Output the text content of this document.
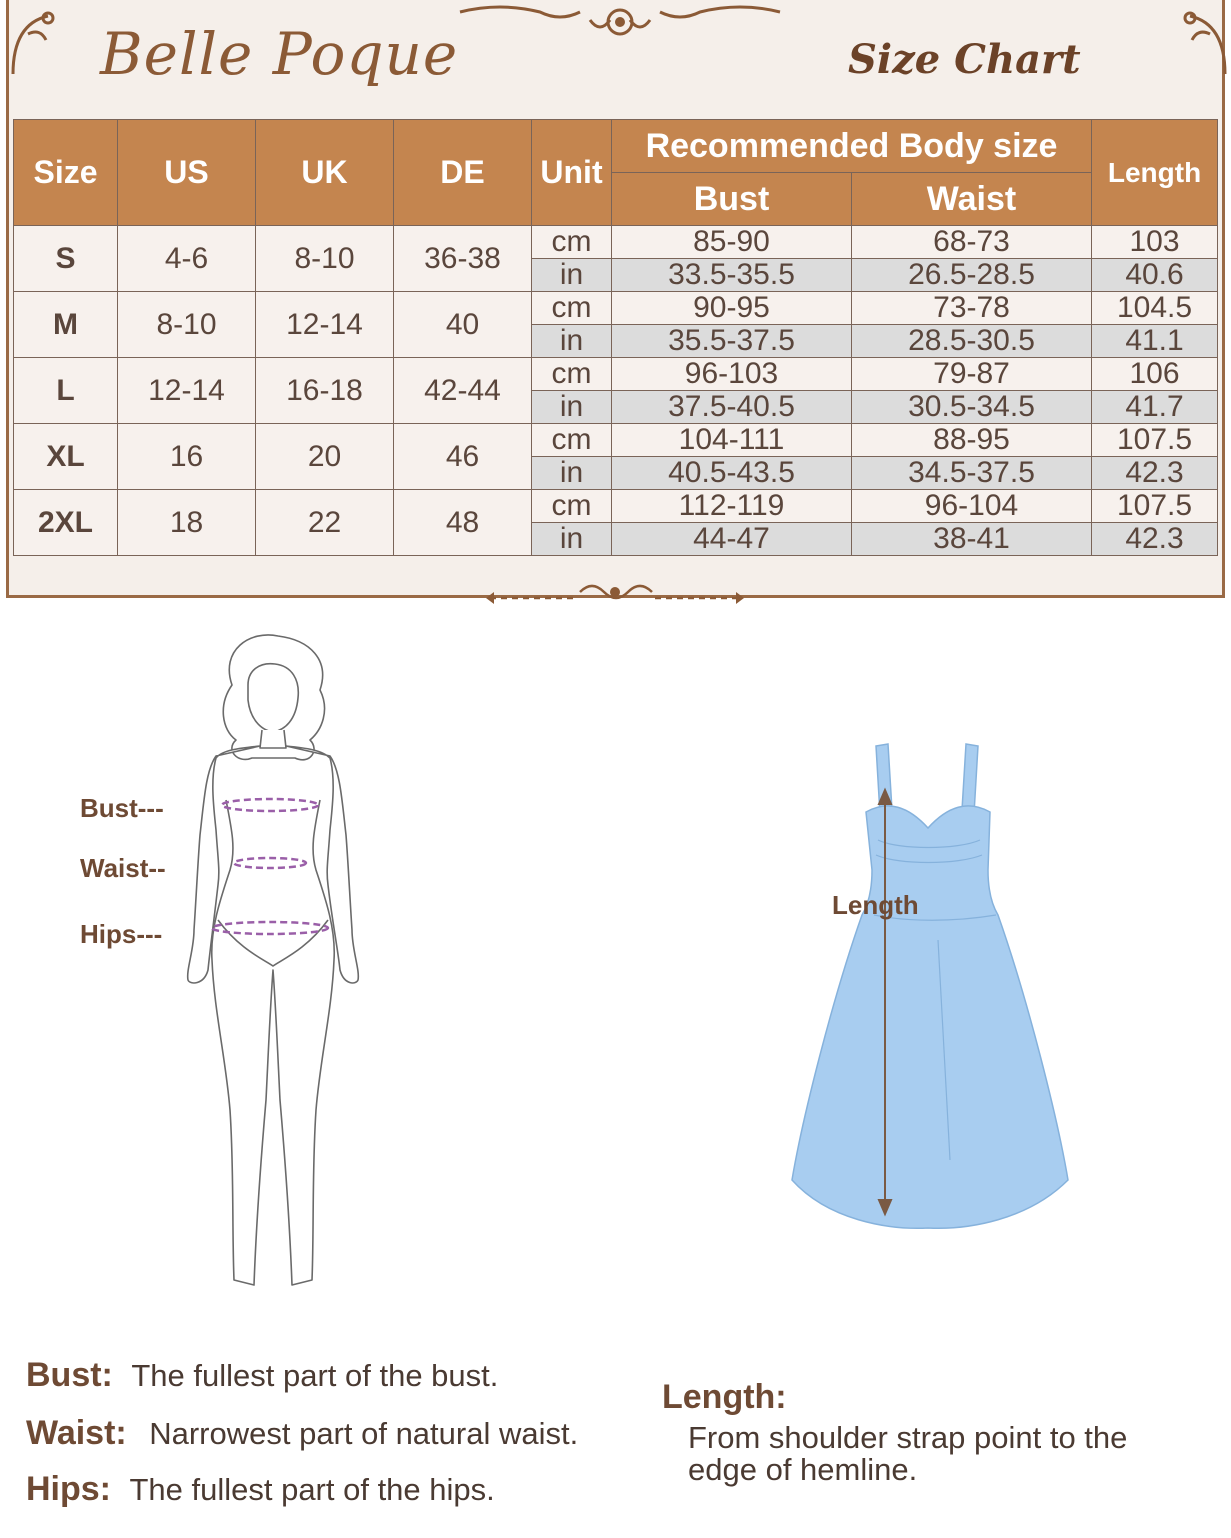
Belle Poque	Size Chart
Size	US	UK	DE	Unit	Recommended Body size		Length
					Bust	Waist	
S	4-6	8-10	36-38	cm	85-90	68-73	103
				in	33.5-35.5	26.5-28.5	40.6
M	8-10	12-14	40	cm	90-95	73-78	104.5
				in	35.5-37.5	28.5-30.5	41.1
L	12-14	16-18	42-44	cm	96-103	79-87	106
				in	37.5-40.5	30.5-34.5	41.7
XL	16	20	46	cm	104-111	88-95	107.5
				in	40.5-43.5	34.5-37.5	42.3
2XL	18	22	48	cm	112-119	96-104	107.5
				in	44-47	38-41	42.3
Bust---
Waist--
Hips---
Length
Bust: The fullest part of the bust.
Waist: Narrowest part of natural waist.
Hips: The fullest part of the hips.
Length:
From shoulder strap point to the
edge of hemline.
